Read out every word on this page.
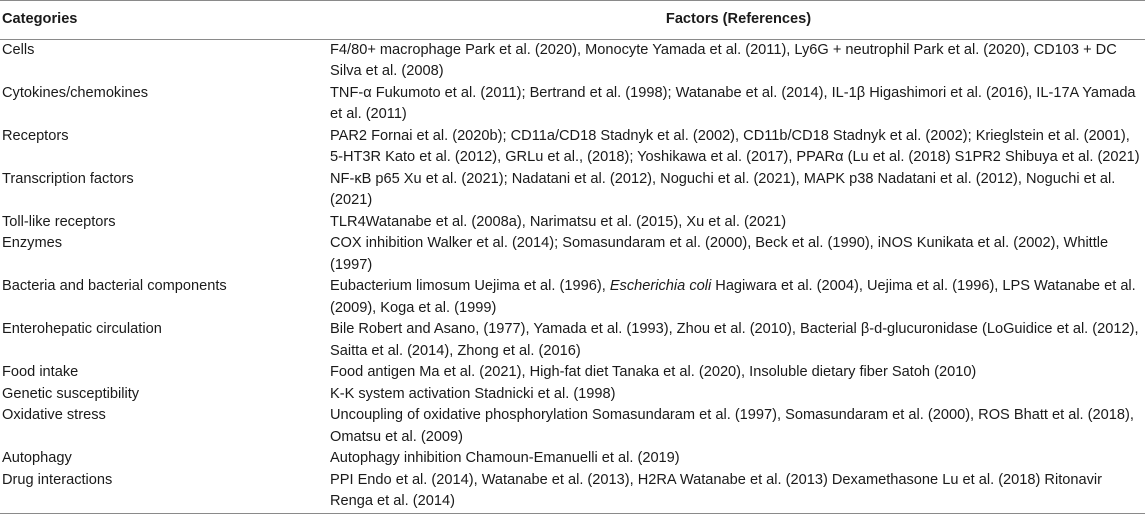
Categories	Factors (References)
Cells	F4/80+ macrophage Park et al. (2020), Monocyte Yamada et al. (2011), Ly6G + neutrophil Park et al. (2020), CD103 + DC Silva et al. (2008)
Cytokines/chemokines	TNF-α Fukumoto et al. (2011); Bertrand et al. (1998); Watanabe et al. (2014), IL-1β Higashimori et al. (2016), IL-17A Yamada et al. (2011)
Receptors	PAR2 Fornai et al. (2020b); CD11a/CD18 Stadnyk et al. (2002), CD11b/CD18 Stadnyk et al. (2002); Krieglstein et al. (2001), 5-HT3R Kato et al. (2012), GRLu et al., (2018); Yoshikawa et al. (2017), PPARα (Lu et al. (2018) S1PR2 Shibuya et al. (2021)
Transcription factors	NF-κB p65 Xu et al. (2021); Nadatani et al. (2012), Noguchi et al. (2021), MAPK p38 Nadatani et al. (2012), Noguchi et al. (2021)
Toll-like receptors	TLR4Watanabe et al. (2008a), Narimatsu et al. (2015), Xu et al. (2021)
Enzymes	COX inhibition Walker et al. (2014); Somasundaram et al. (2000), Beck et al. (1990), iNOS Kunikata et al. (2002), Whittle (1997)
Bacteria and bacterial components	Eubacterium limosum Uejima et al. (1996), Escherichia coli Hagiwara et al. (2004), Uejima et al. (1996), LPS Watanabe et al. (2009), Koga et al. (1999)
Enterohepatic circulation	Bile Robert and Asano, (1977), Yamada et al. (1993), Zhou et al. (2010), Bacterial β-d-glucuronidase (LoGuidice et al. (2012), Saitta et al. (2014), Zhong et al. (2016)
Food intake	Food antigen Ma et al. (2021), High-fat diet Tanaka et al. (2020), Insoluble dietary fiber Satoh (2010)
Genetic susceptibility	K-K system activation Stadnicki et al. (1998)
Oxidative stress	Uncoupling of oxidative phosphorylation Somasundaram et al. (1997), Somasundaram et al. (2000), ROS Bhatt et al. (2018), Omatsu et al. (2009)
Autophagy	Autophagy inhibition Chamoun-Emanuelli et al. (2019)
Drug interactions	PPI Endo et al. (2014), Watanabe et al. (2013), H2RA Watanabe et al. (2013) Dexamethasone Lu et al. (2018) Ritonavir Renga et al. (2014)
